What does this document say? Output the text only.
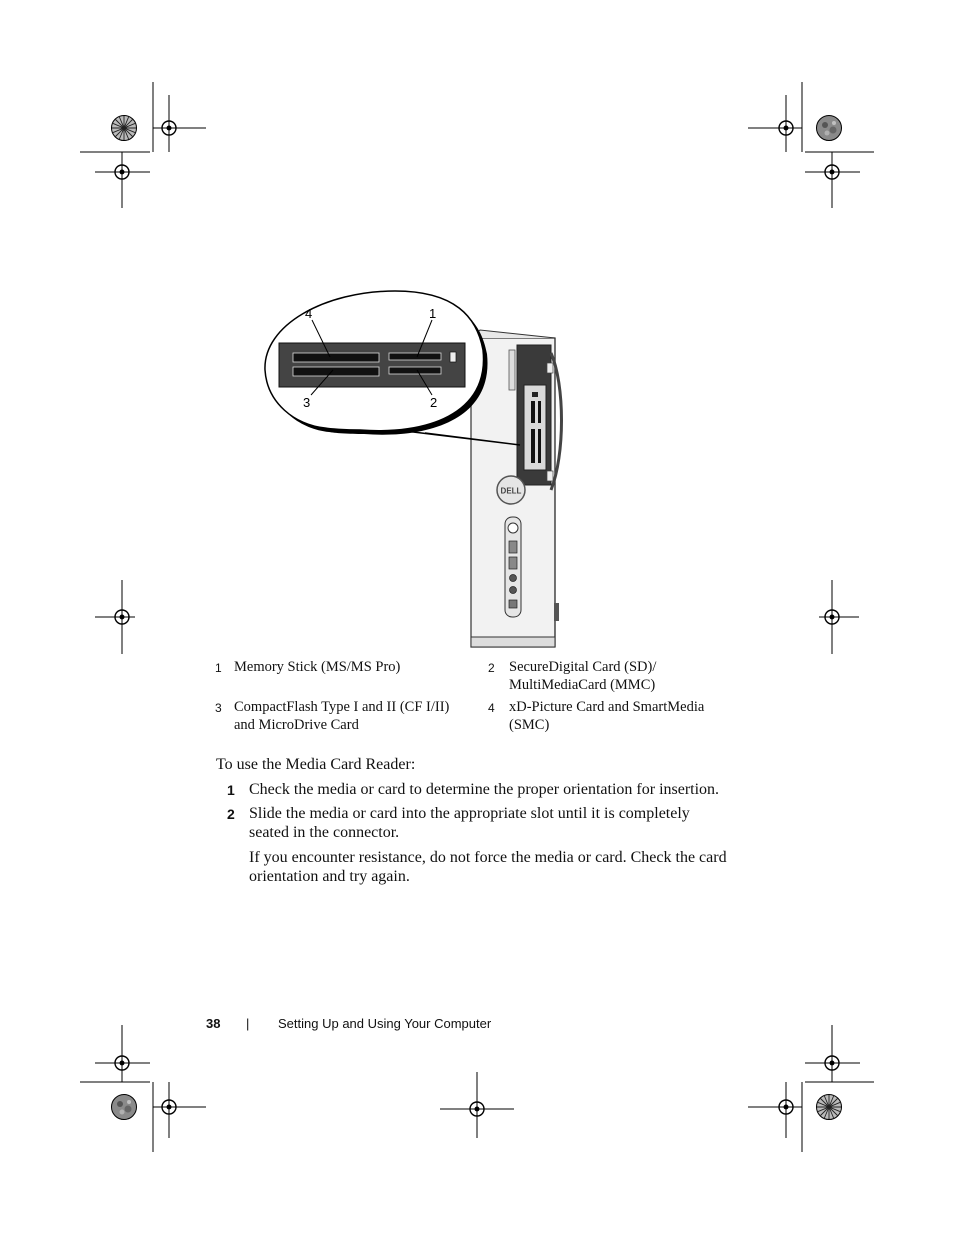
DELL
4	1
3	2
1 Memory Stick (MS/MS Pro)	2 SecureDigital Card (SD)/
MultiMediaCard (MMC)
3 CompactFlash Type I and II (CF I/II)
and MicroDrive Card
4 xD-Picture Card and SmartMedia
(SMC)
To use the Media Card Reader:
1 Check the media or card to determine the proper orientation for insertion.
2 Slide the media or card into the appropriate slot until it is completely
seated in the connector.
If you encounter resistance, do not force the media or card. Check the card
orientation and try again.
38 | Setting Up and Using Your Computer
